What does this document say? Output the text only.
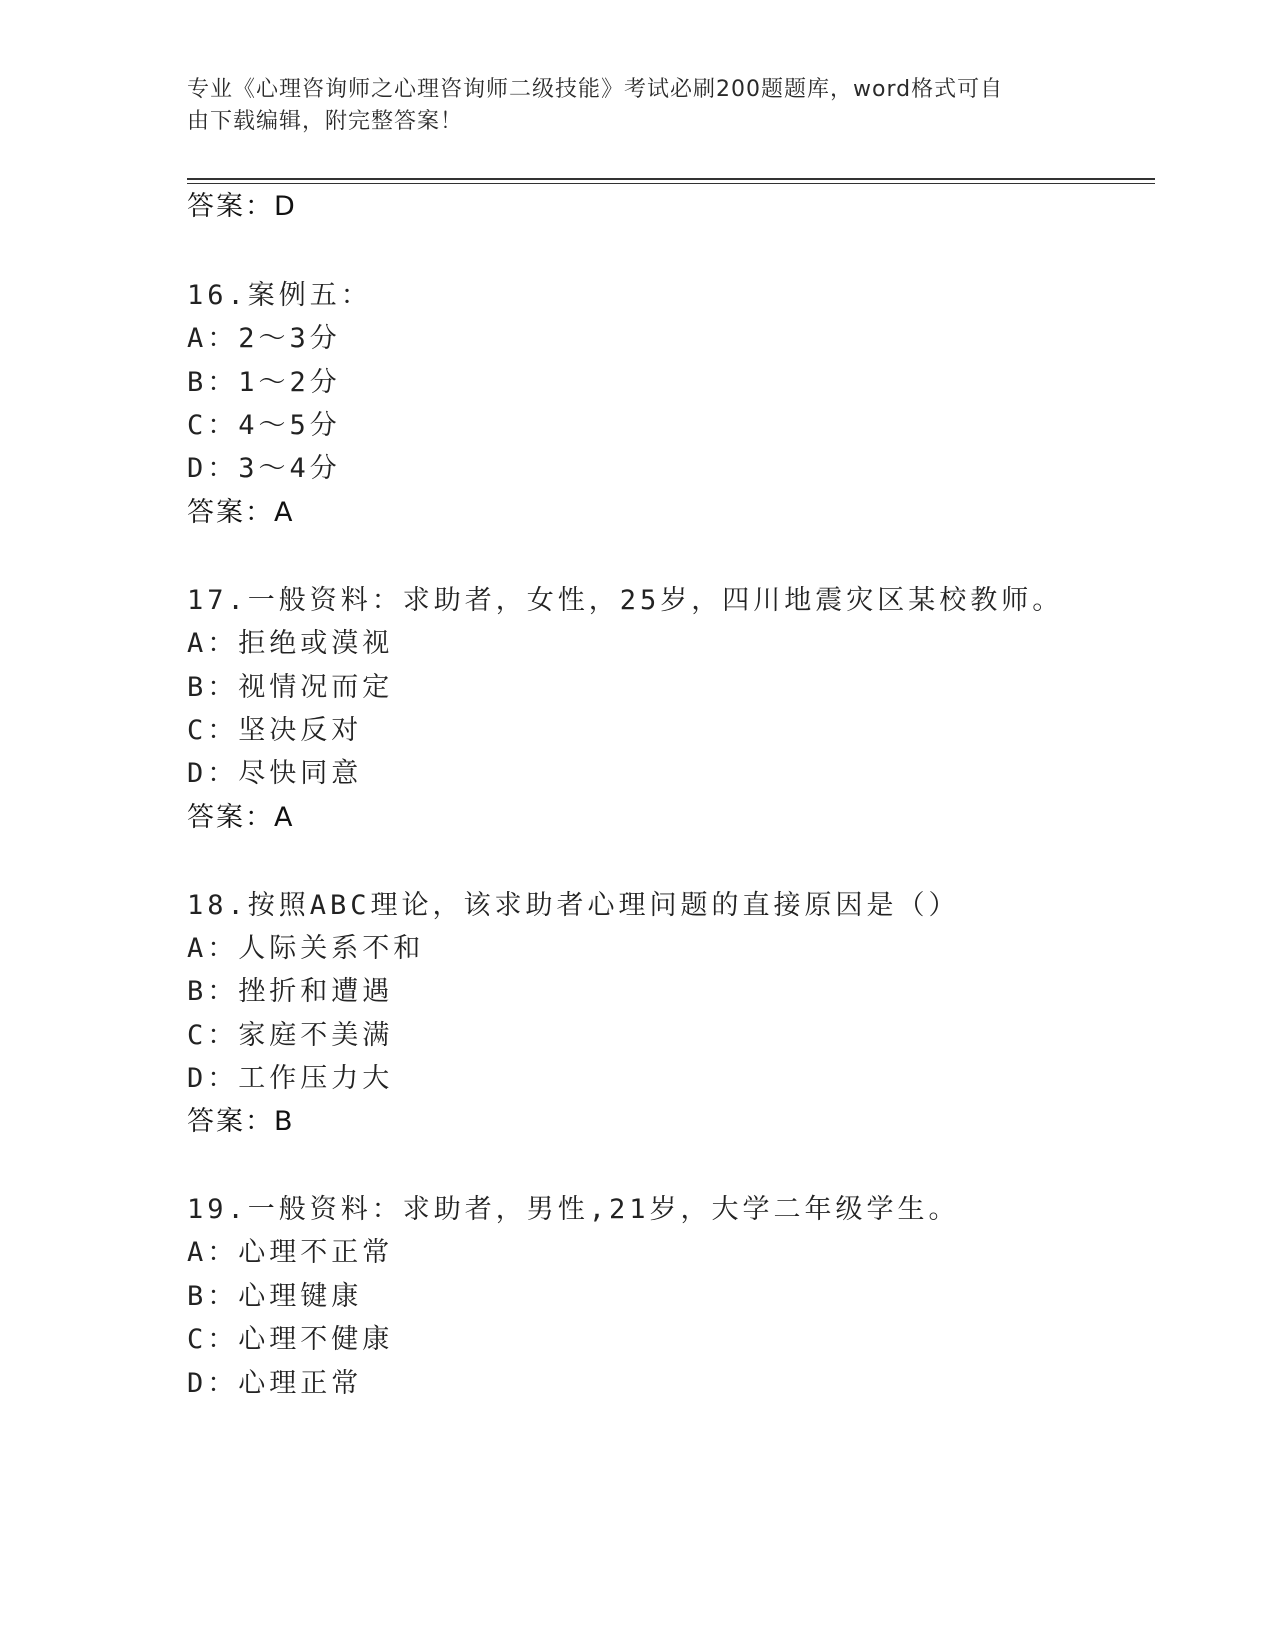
专业《心理咨询师之心理咨询师二级技能》考试必刷200题题库，word格式可自
由下载编辑，附完整答案！
答案：D
16.案例五：
A：2～3分
B：1～2分
C：4～5分
D：3～4分
答案：A
17.一般资料：求助者，女性，25岁，四川地震灾区某校教师。
A：拒绝或漠视
B：视情况而定
C：坚决反对
D：尽快同意
答案：A
18.按照ABC理论，该求助者心理问题的直接原因是（）
A：人际关系不和
B：挫折和遭遇
C：家庭不美满
D：工作压力大
答案：B
19.一般资料：求助者，男性,21岁，大学二年级学生。
A：心理不正常
B：心理键康
C：心理不健康
D：心理正常
